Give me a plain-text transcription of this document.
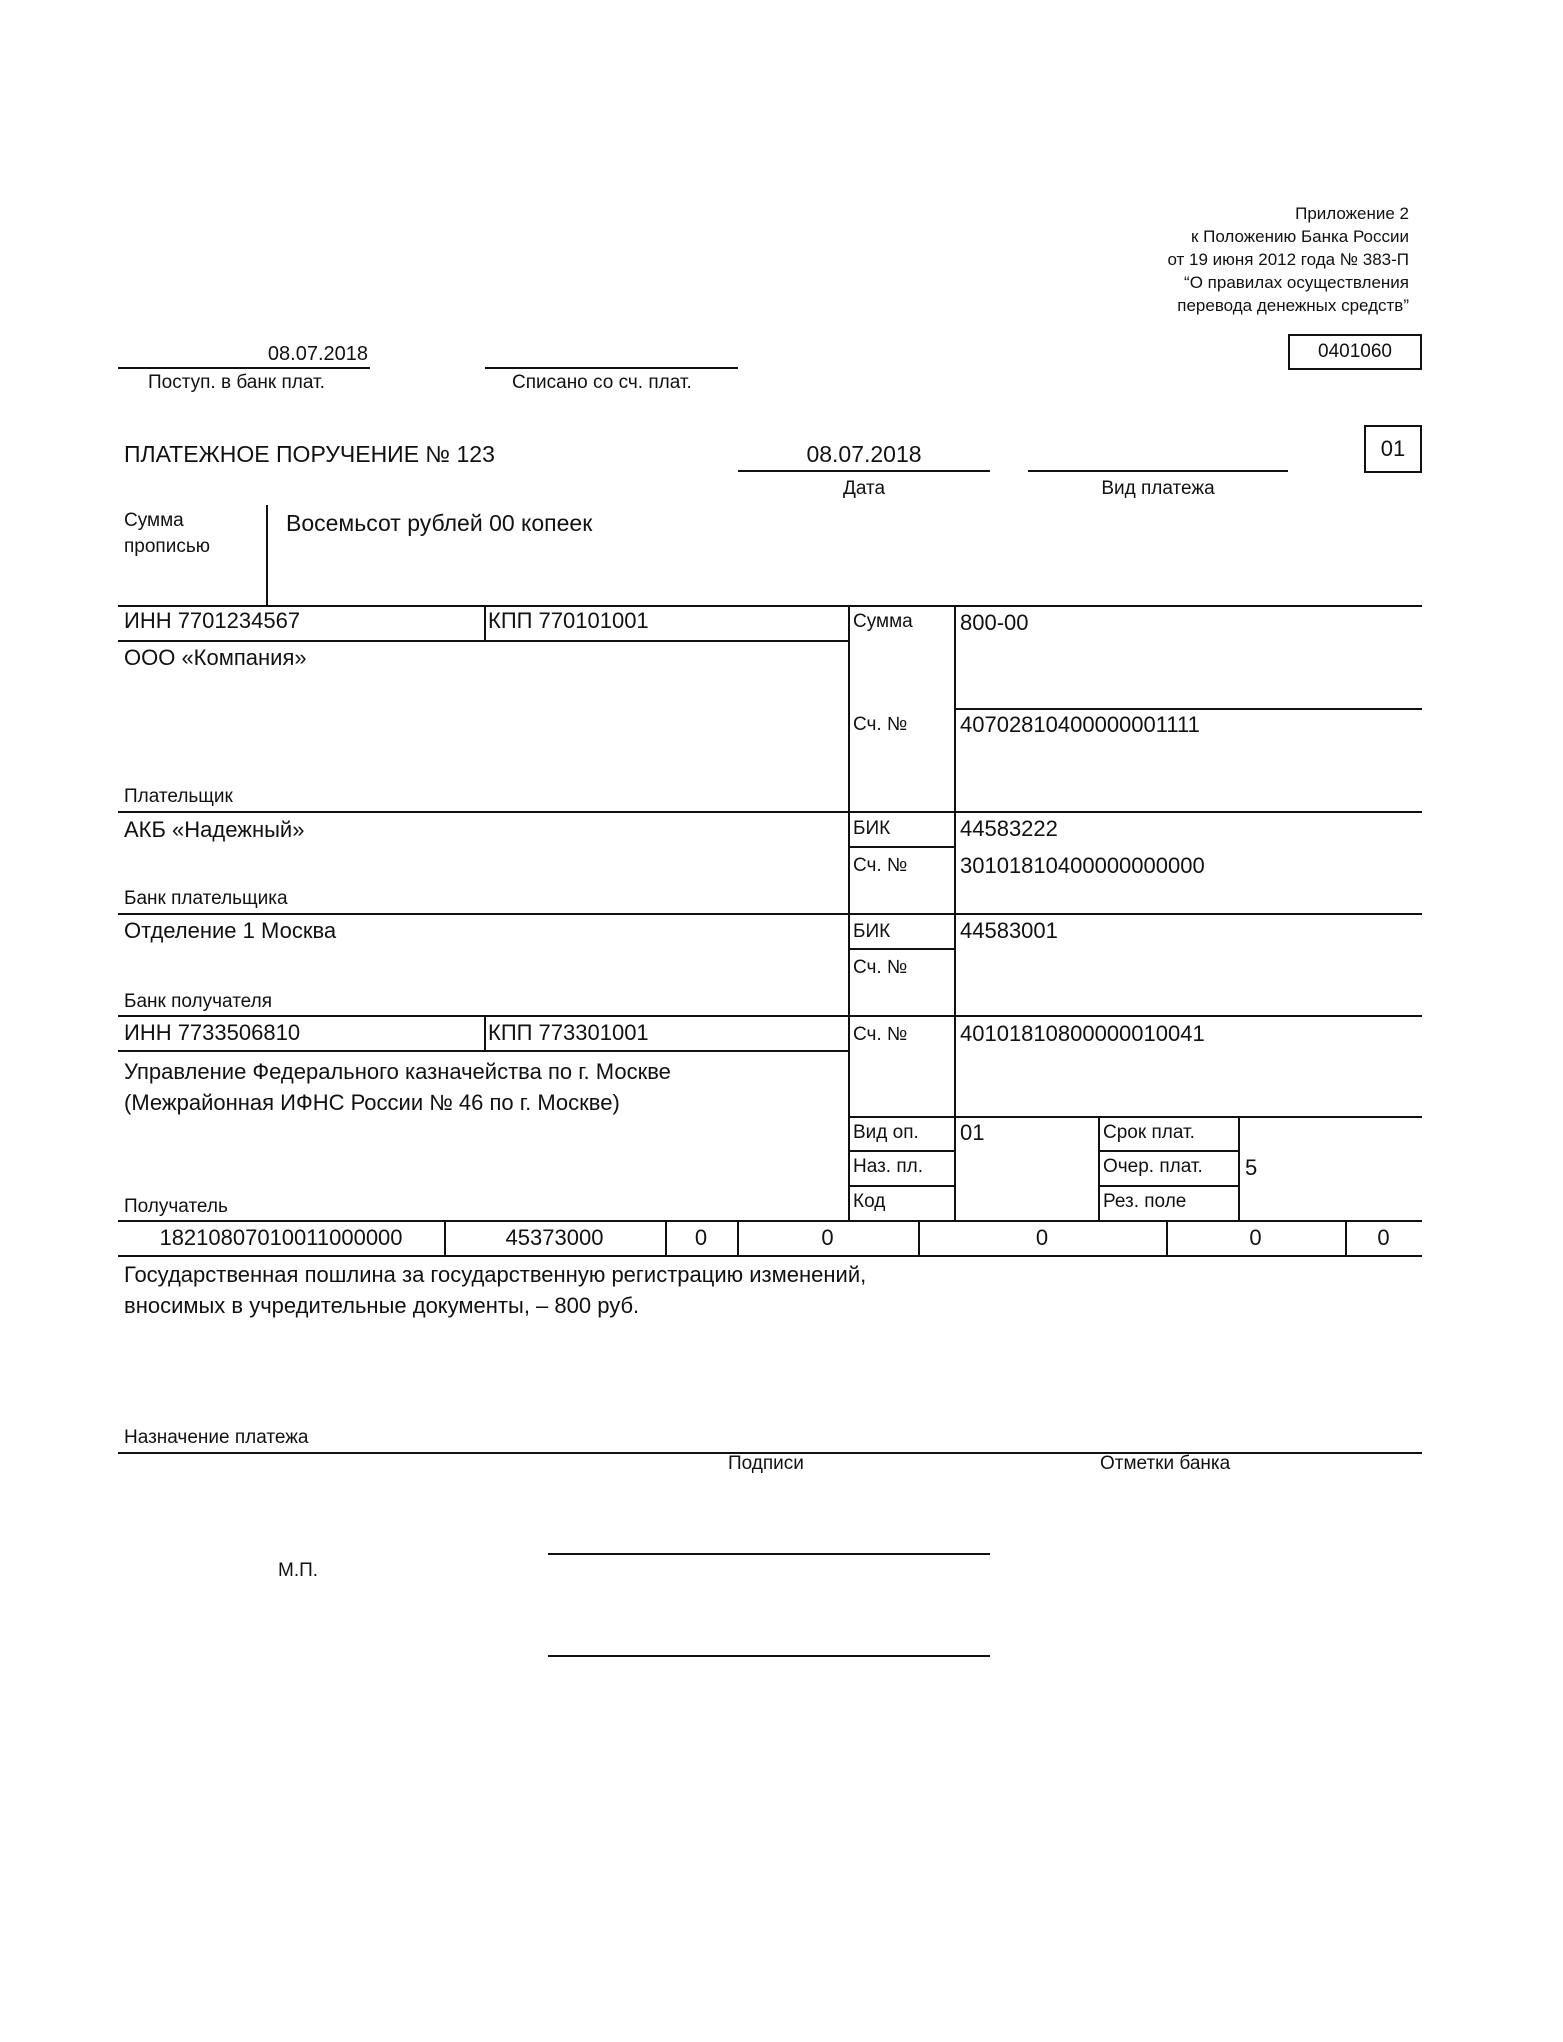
Приложение 2
к Положению Банка России
от 19 июня 2012 года № 383-П
“О правилах осуществления
перевода денежных средств”
0401060
08.07.2018
Поступ. в банк плат.	Списано со сч. плат.
ПЛАТЕЖНОЕ ПОРУЧЕНИЕ № 123	08.07.2018
Дата	Вид платежа
01
Сумма
прописью
Восемьсот рублей 00 копеек
ИНН 7701234567	КПП 770101001
ООО «Компания»
Плательщик
Сумма 800-00
Сч. № 40702810400000001111
АКБ «Надежный»
Банк плательщика
БИК	44583222
Сч. № 30101810400000000000
Отделение 1 Москва
Банк получателя
БИК	44583001
Сч. №
ИНН 7733506810	КПП 773301001	Сч. № 40101810800000010041
Управление Федерального казначейства по г. Москве (Межрайонная ИФНС России № 46 по г. Москве)
Получатель
Вид оп. 01
Наз. пл.
Код
Срок плат.
Очер. плат. 5
Рез. поле
18210807010011000000	45373000	0	0	0	0	0
Государственная пошлина за государственную регистрацию изменений,
вносимых в учредительные документы, – 800 руб.
Назначение платежа
Подписи	Отметки банка
М.П.
